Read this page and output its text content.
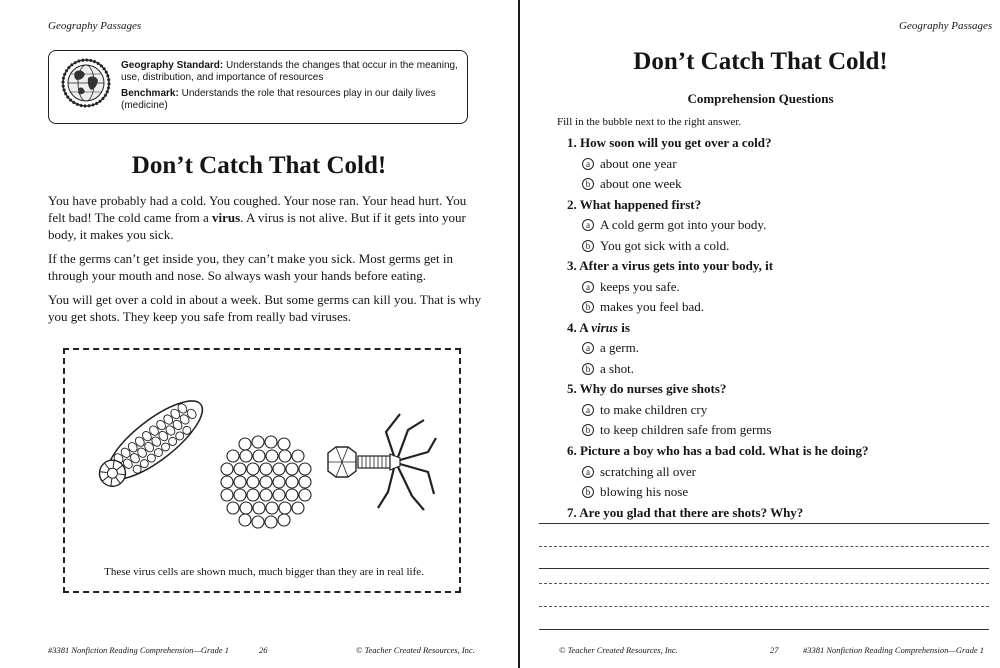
Geography Passages

Geography Standard: Understands the changes that occur in the meaning, use, distribution, and importance of resources

Benchmark: Understands the role that resources play in our daily lives (medicine)

Don’t Catch That Cold!

You have probably had a cold. You coughed. Your nose ran. Your head hurt. You felt bad! The cold came from a virus. A virus is not alive. But if it gets into your body, it makes you sick.

If the germs can’t get inside you, they can’t make you sick. Most germs get in through your mouth and nose. So always wash your hands before eating.

You will get over a cold in about a week. But some germs can kill you. That is why you get shots. They keep you safe from really bad viruses.

These virus cells are shown much, much bigger than they are in real life.
#3381 Nonfiction Reading Comprehension—Grade 1	26	© Teacher Created Resources, Inc.
Geography Passages
Don’t Catch That Cold!
Comprehension Questions
Fill in the bubble next to the right answer.
1. How soon will you get over a cold?
a about one year
b about one week
2. What happened first?
a A cold germ got into your body.
b You got sick with a cold.
3. After a virus gets into your body, it
a keeps you safe.
b makes you feel bad.
4. A virus is
a a germ.
b a shot.
5. Why do nurses give shots?
a to make children cry
b to keep children safe from germs
6. Picture a boy who has a bad cold. What is he doing?
a scratching all over
b blowing his nose
7. Are you glad that there are shots? Why?
© Teacher Created Resources, Inc.	27	#3381 Nonfiction Reading Comprehension—Grade 1
